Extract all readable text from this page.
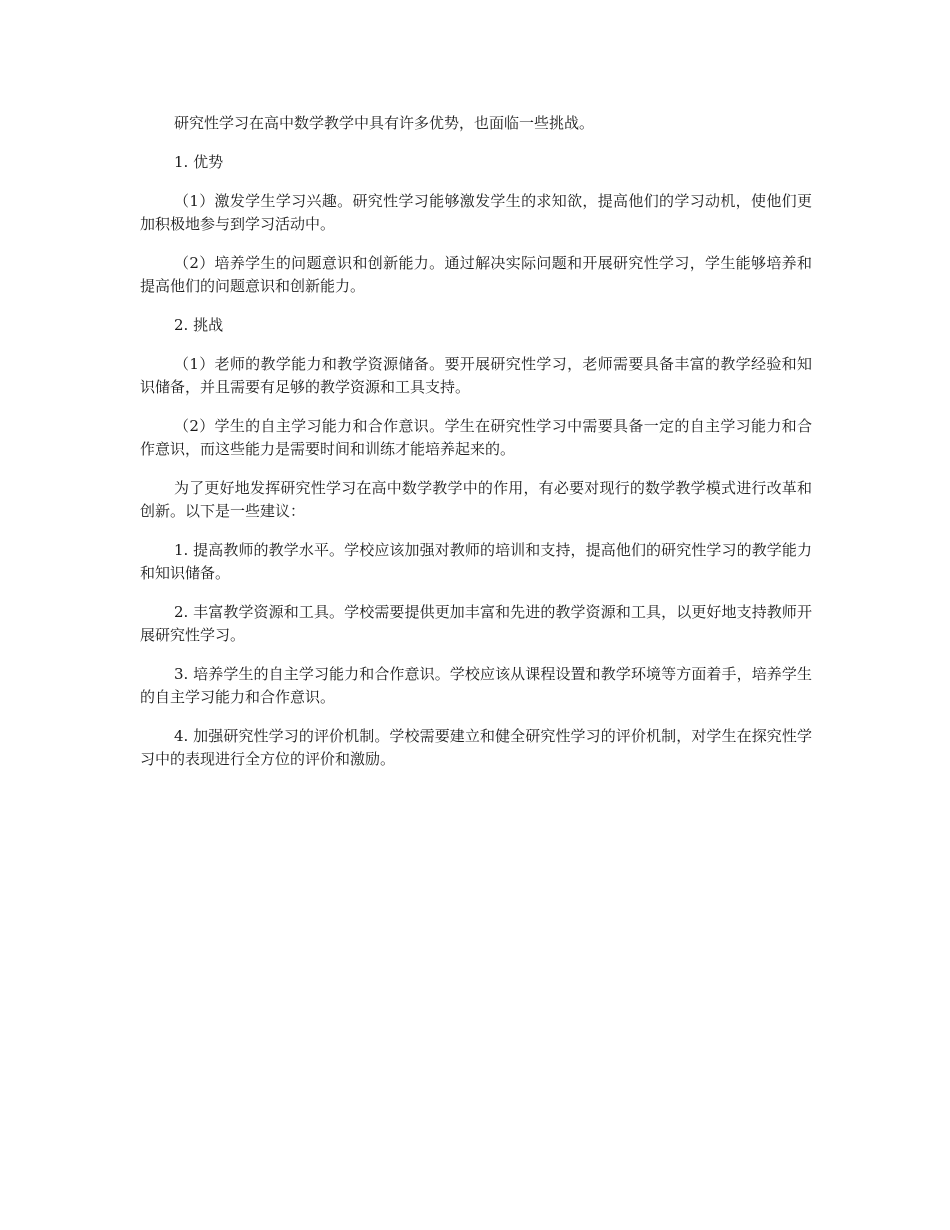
研究性学习在高中数学教学中具有许多优势，也面临一些挑战。

1. 优势

（1）激发学生学习兴趣。研究性学习能够激发学生的求知欲，提高他们的学习动机，使他们更加积极地参与到学习活动中。

（2）培养学生的问题意识和创新能力。通过解决实际问题和开展研究性学习，学生能够培养和提高他们的问题意识和创新能力。

2. 挑战

（1）老师的教学能力和教学资源储备。要开展研究性学习，老师需要具备丰富的教学经验和知识储备，并且需要有足够的教学资源和工具支持。

（2）学生的自主学习能力和合作意识。学生在研究性学习中需要具备一定的自主学习能力和合作意识，而这些能力是需要时间和训练才能培养起来的。

为了更好地发挥研究性学习在高中数学教学中的作用，有必要对现行的数学教学模式进行改革和创新。以下是一些建议：

1. 提高教师的教学水平。学校应该加强对教师的培训和支持，提高他们的研究性学习的教学能力和知识储备。

2. 丰富教学资源和工具。学校需要提供更加丰富和先进的教学资源和工具，以更好地支持教师开展研究性学习。

3. 培养学生的自主学习能力和合作意识。学校应该从课程设置和教学环境等方面着手，培养学生的自主学习能力和合作意识。

4. 加强研究性学习的评价机制。学校需要建立和健全研究性学习的评价机制，对学生在探究性学习中的表现进行全方位的评价和激励。
